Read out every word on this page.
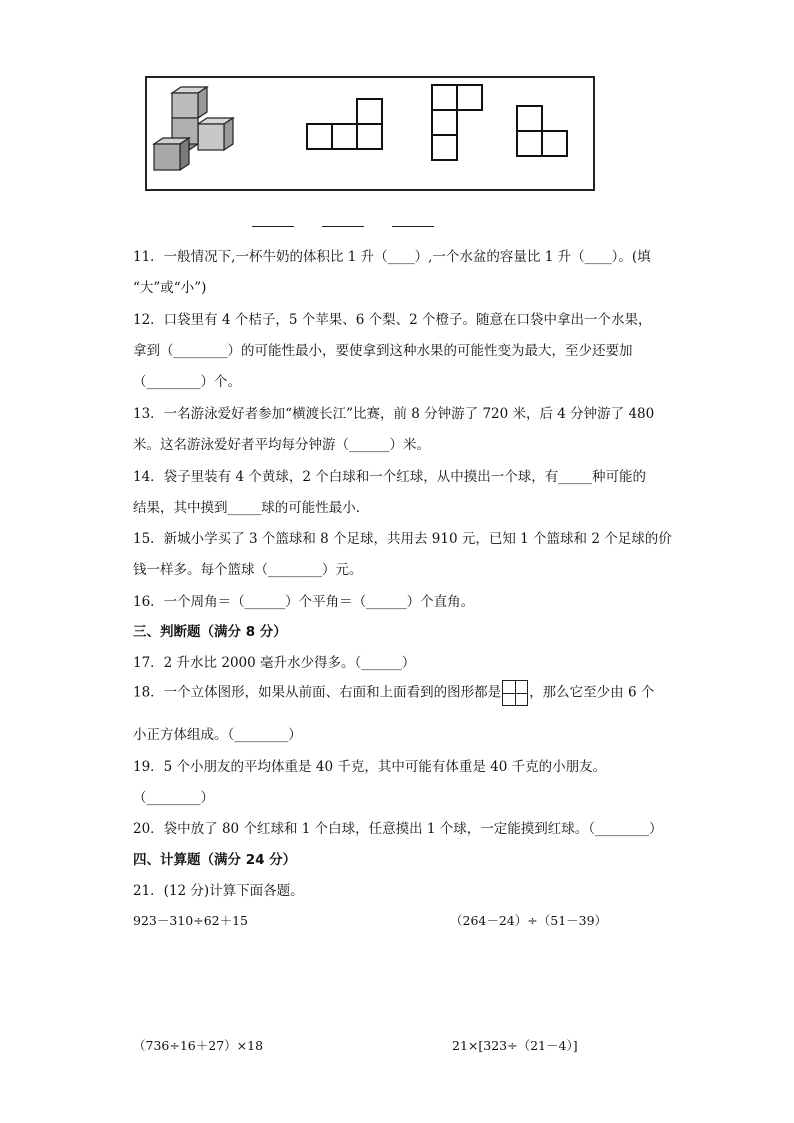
11．一般情况下,一杯牛奶的体积比 1 升（____）,一个水盆的容量比 1 升（____）。(填
“大”或“小”)
12．口袋里有 4 个桔子，5 个苹果、6 个梨、2 个橙子。随意在口袋中拿出一个水果，
拿到（________）的可能性最小，要使拿到这种水果的可能性变为最大，至少还要加
（________）个。
13．一名游泳爱好者参加“横渡长江”比赛，前 8 分钟游了 720 米，后 4 分钟游了 480
米。这名游泳爱好者平均每分钟游（______）米。
14．袋子里装有 4 个黄球，2 个白球和一个红球，从中摸出一个球，有_____种可能的
结果，其中摸到_____球的可能性最小．
15．新城小学买了 3 个篮球和 8 个足球，共用去 910 元，已知 1 个篮球和 2 个足球的价
钱一样多。每个篮球（________）元。
16．一个周角＝（______）个平角＝（______）个直角。
三、判断题（满分 8 分）
17．2 升水比 2000 毫升水少得多。（______）
18．一个立体图形，如果从前面、右面和上面看到的图形都是 ，那么它至少由 6 个
小正方体组成。（________）
19．5 个小朋友的平均体重是 40 千克，其中可能有体重是 40 千克的小朋友。
（________）
20．袋中放了 80 个红球和 1 个白球，任意摸出 1 个球，一定能摸到红球。（________）
四、计算题（满分 24 分）
21．(12 分)计算下面各题。
923－310÷62＋15	（264－24）÷（51－39）
（736÷16＋27）×18	21×[323÷（21－4）]
